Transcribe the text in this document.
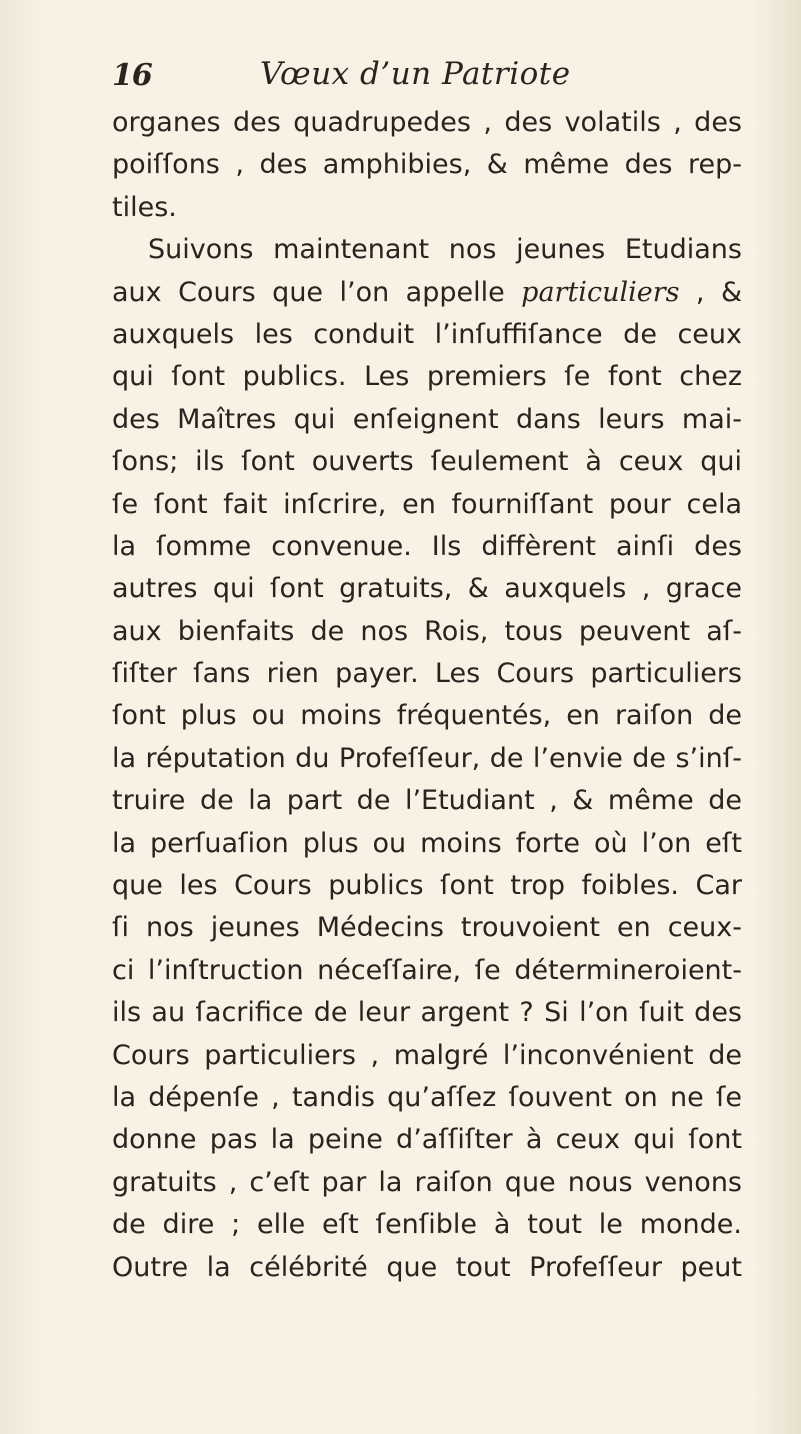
16	Vœux d’un Patriote
organes des quadrupedes , des volatils , des
poiſſons , des amphibies, & même des rep-
tiles.
Suivons maintenant nos jeunes Etudians
aux Cours que l’on appelle particuliers , &
auxquels les conduit l’inſuffiſance de ceux
qui ſont publics. Les premiers ſe font chez
des Maîtres qui enſeignent dans leurs mai-
ſons; ils ſont ouverts ſeulement à ceux qui
ſe ſont fait inſcrire, en fourniſſant pour cela
la ſomme convenue. Ils diffèrent ainſi des
autres qui ſont gratuits, & auxquels , grace
aux bienfaits de nos Rois, tous peuvent aſ-
ſiſter ſans rien payer. Les Cours particuliers
ſont plus ou moins fréquentés, en raiſon de
la réputation du Profeſſeur, de l’envie de s’inſ-
truire de la part de l’Etudiant , & même de
la perſuaſion plus ou moins forte où l’on eſt
que les Cours publics ſont trop foibles. Car
ſi nos jeunes Médecins trouvoient en ceux-
ci l’inſtruction néceſſaire, ſe détermineroient-
ils au ſacrifice de leur argent ? Si l’on ſuit des
Cours particuliers , malgré l’inconvénient de
la dépenſe , tandis qu’aſſez ſouvent on ne ſe
donne pas la peine d’aſſiſter à ceux qui ſont
gratuits , c’eſt par la raiſon que nous venons
de dire ; elle eſt ſenſible à tout le monde.
Outre la célébrité que tout Profeſſeur peut
